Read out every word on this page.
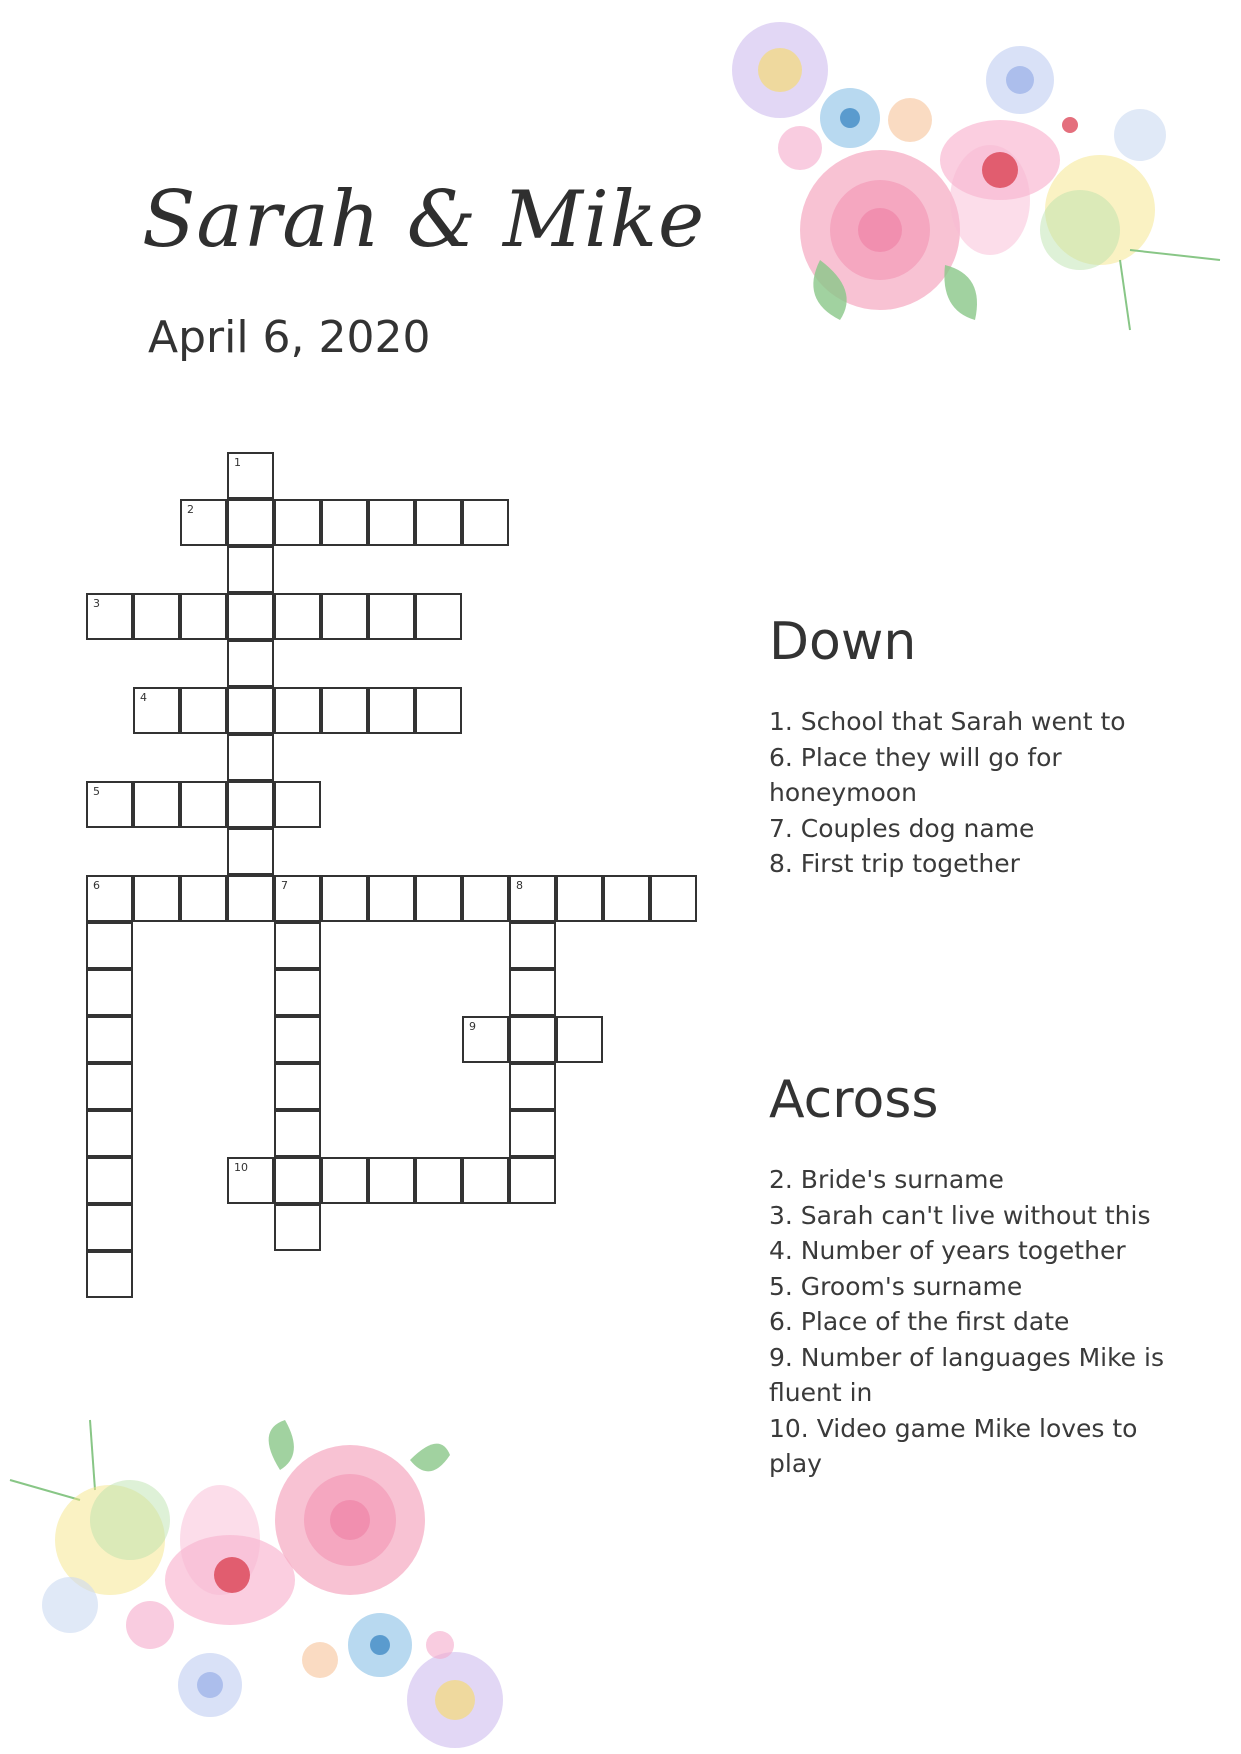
Sarah & Mike
April 6, 2020
1
2
3
4
5
6	7	8
9
10
Down
1. School that Sarah went to
6. Place they will go for honeymoon
7. Couples dog name
8. First trip together
Across
2. Bride's surname
3. Sarah can't live without this
4. Number of years together
5. Groom's surname
6. Place of the first date
9. Number of languages Mike is fluent in
10. Video game Mike loves to play
